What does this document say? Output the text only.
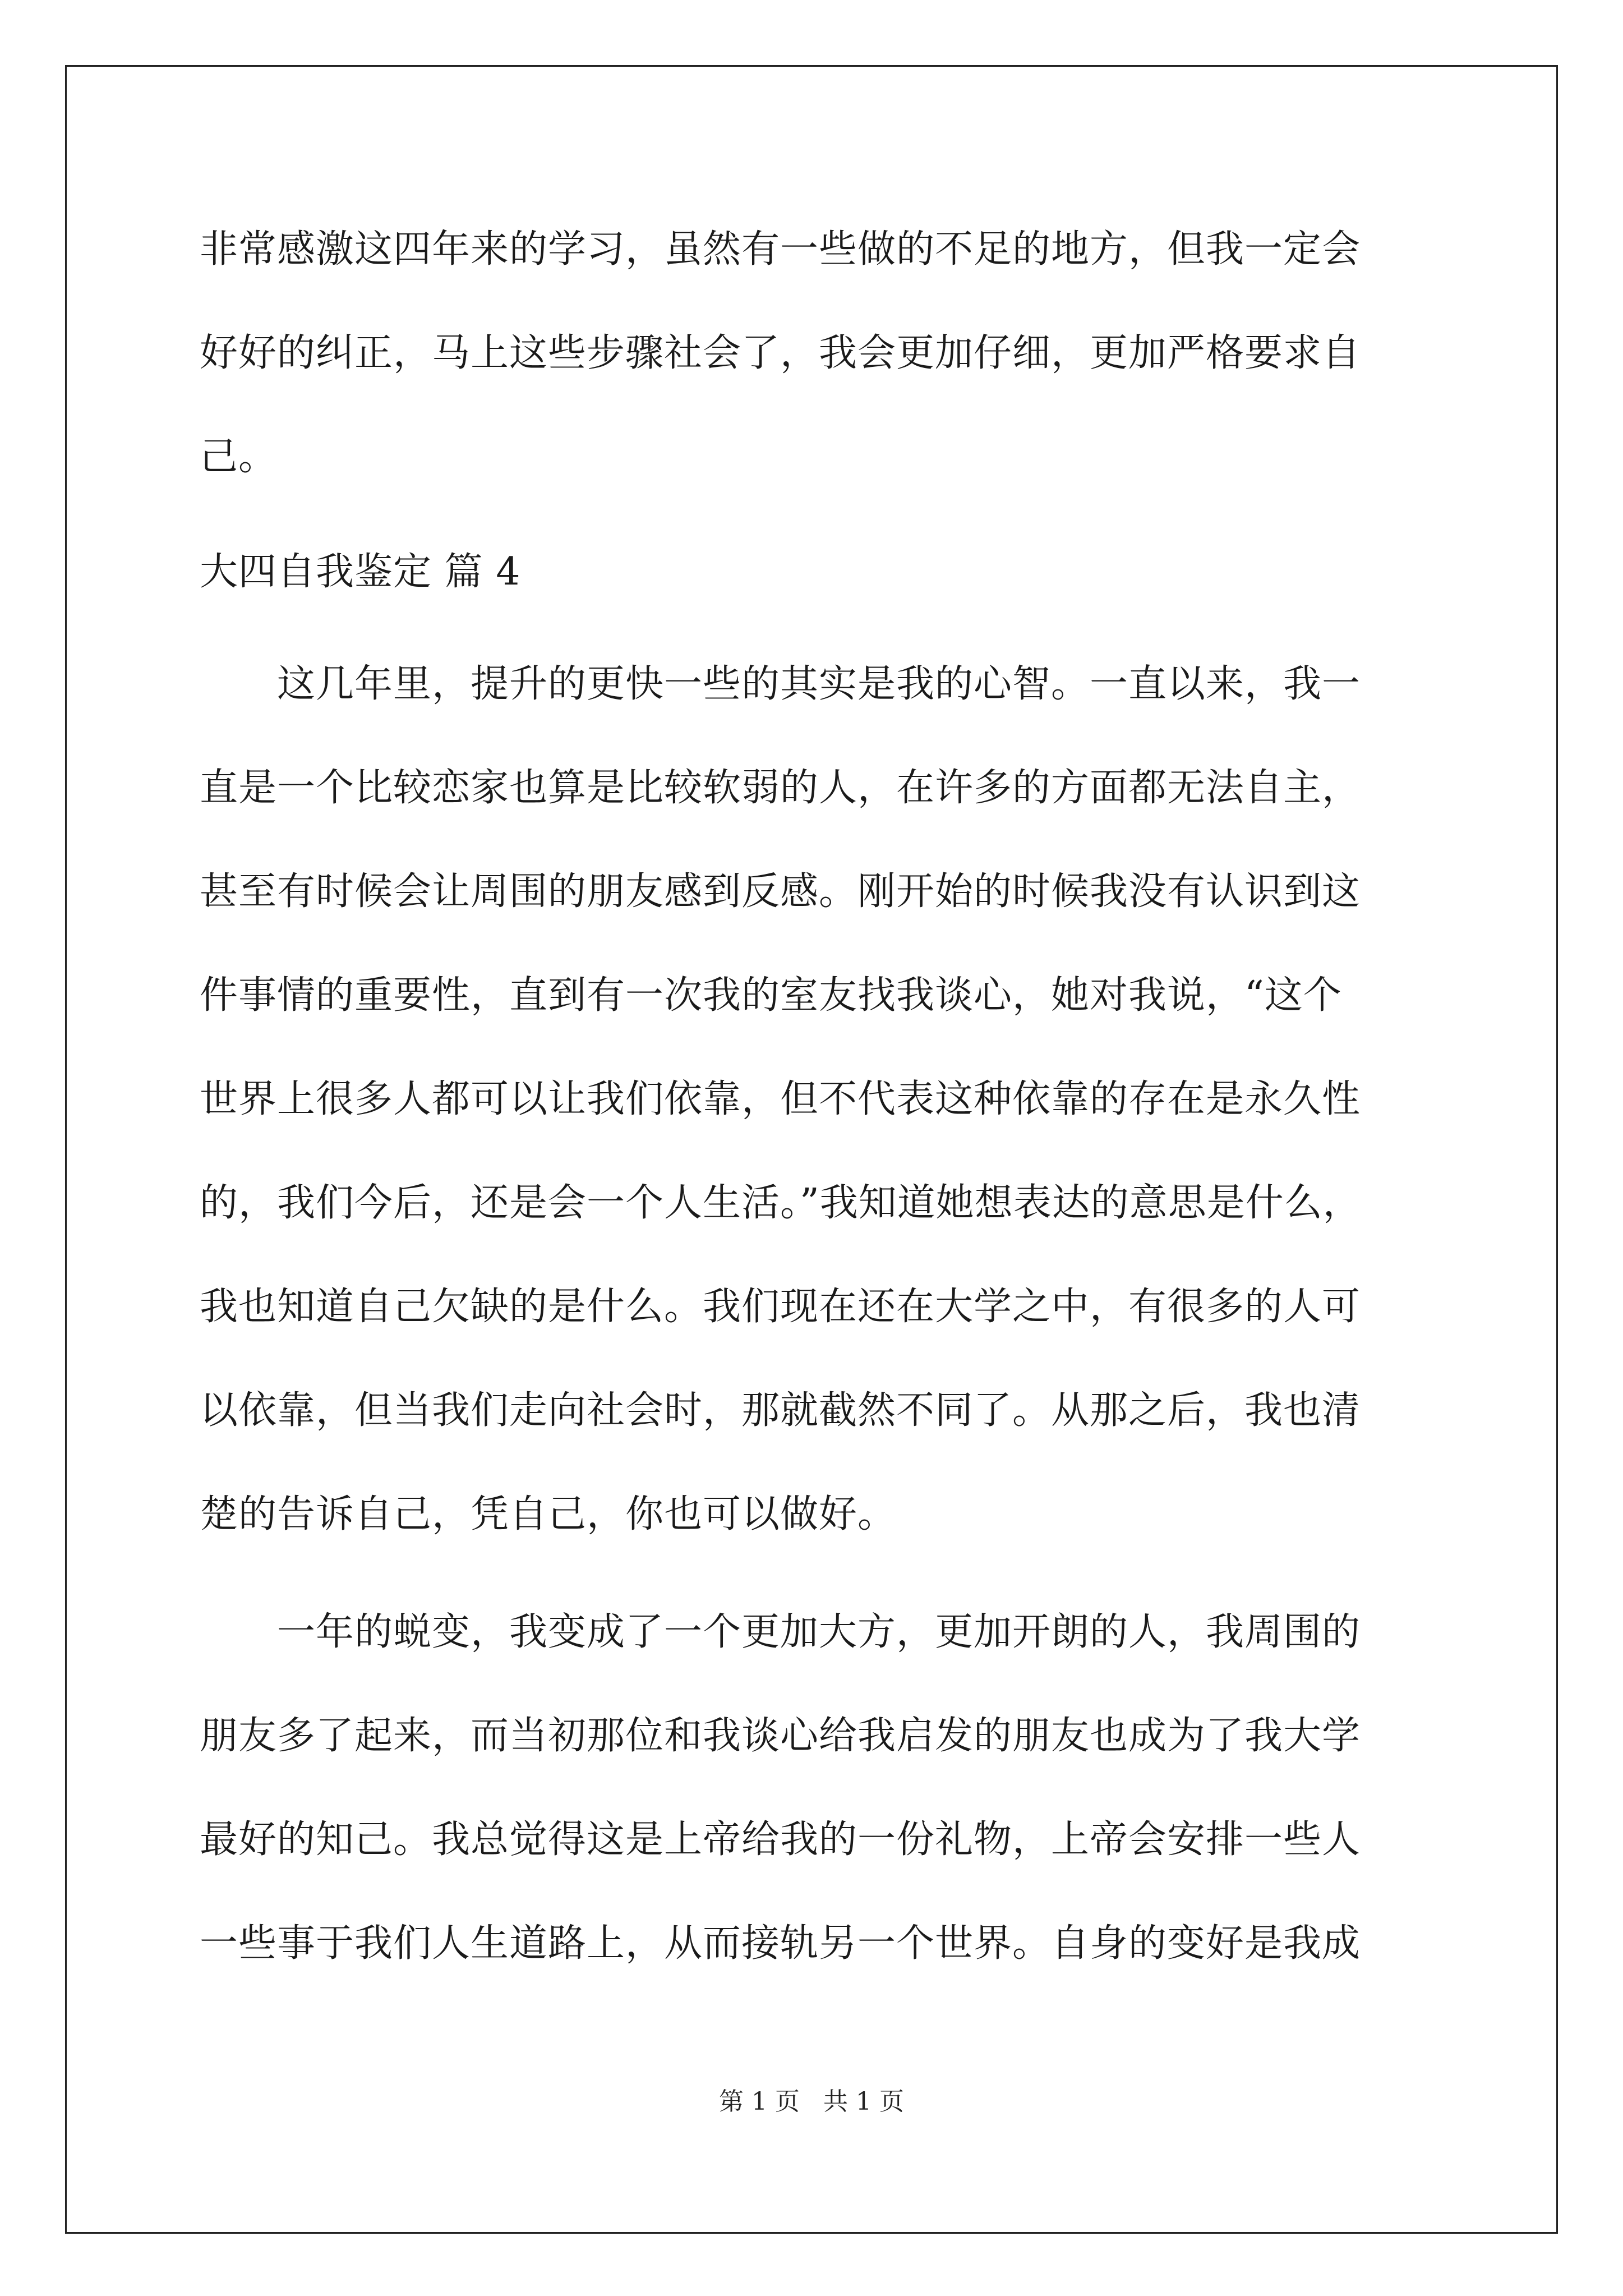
非常感激这四年来的学习，虽然有一些做的不足的地方，但我一定会
好好的纠正，马上这些步骤社会了，我会更加仔细，更加严格要求自
己。
大四自我鉴定 篇 4
　　这几年里，提升的更快一些的其实是我的心智。一直以来，我一
直是一个比较恋家也算是比较软弱的人，在许多的方面都无法自主，
甚至有时候会让周围的朋友感到反感。刚开始的时候我没有认识到这
件事情的重要性，直到有一次我的室友找我谈心，她对我说，“这个
世界上很多人都可以让我们依靠，但不代表这种依靠的存在是永久性
的，我们今后，还是会一个人生活。”我知道她想表达的意思是什么，
我也知道自己欠缺的是什么。我们现在还在大学之中，有很多的人可
以依靠，但当我们走向社会时，那就截然不同了。从那之后，我也清
楚的告诉自己，凭自己，你也可以做好。
　　一年的蜕变，我变成了一个更加大方，更加开朗的人，我周围的
朋友多了起来，而当初那位和我谈心给我启发的朋友也成为了我大学
最好的知己。我总觉得这是上帝给我的一份礼物，上帝会安排一些人
一些事于我们人生道路上，从而接轨另一个世界。自身的变好是我成
第 1 页 共 1 页
